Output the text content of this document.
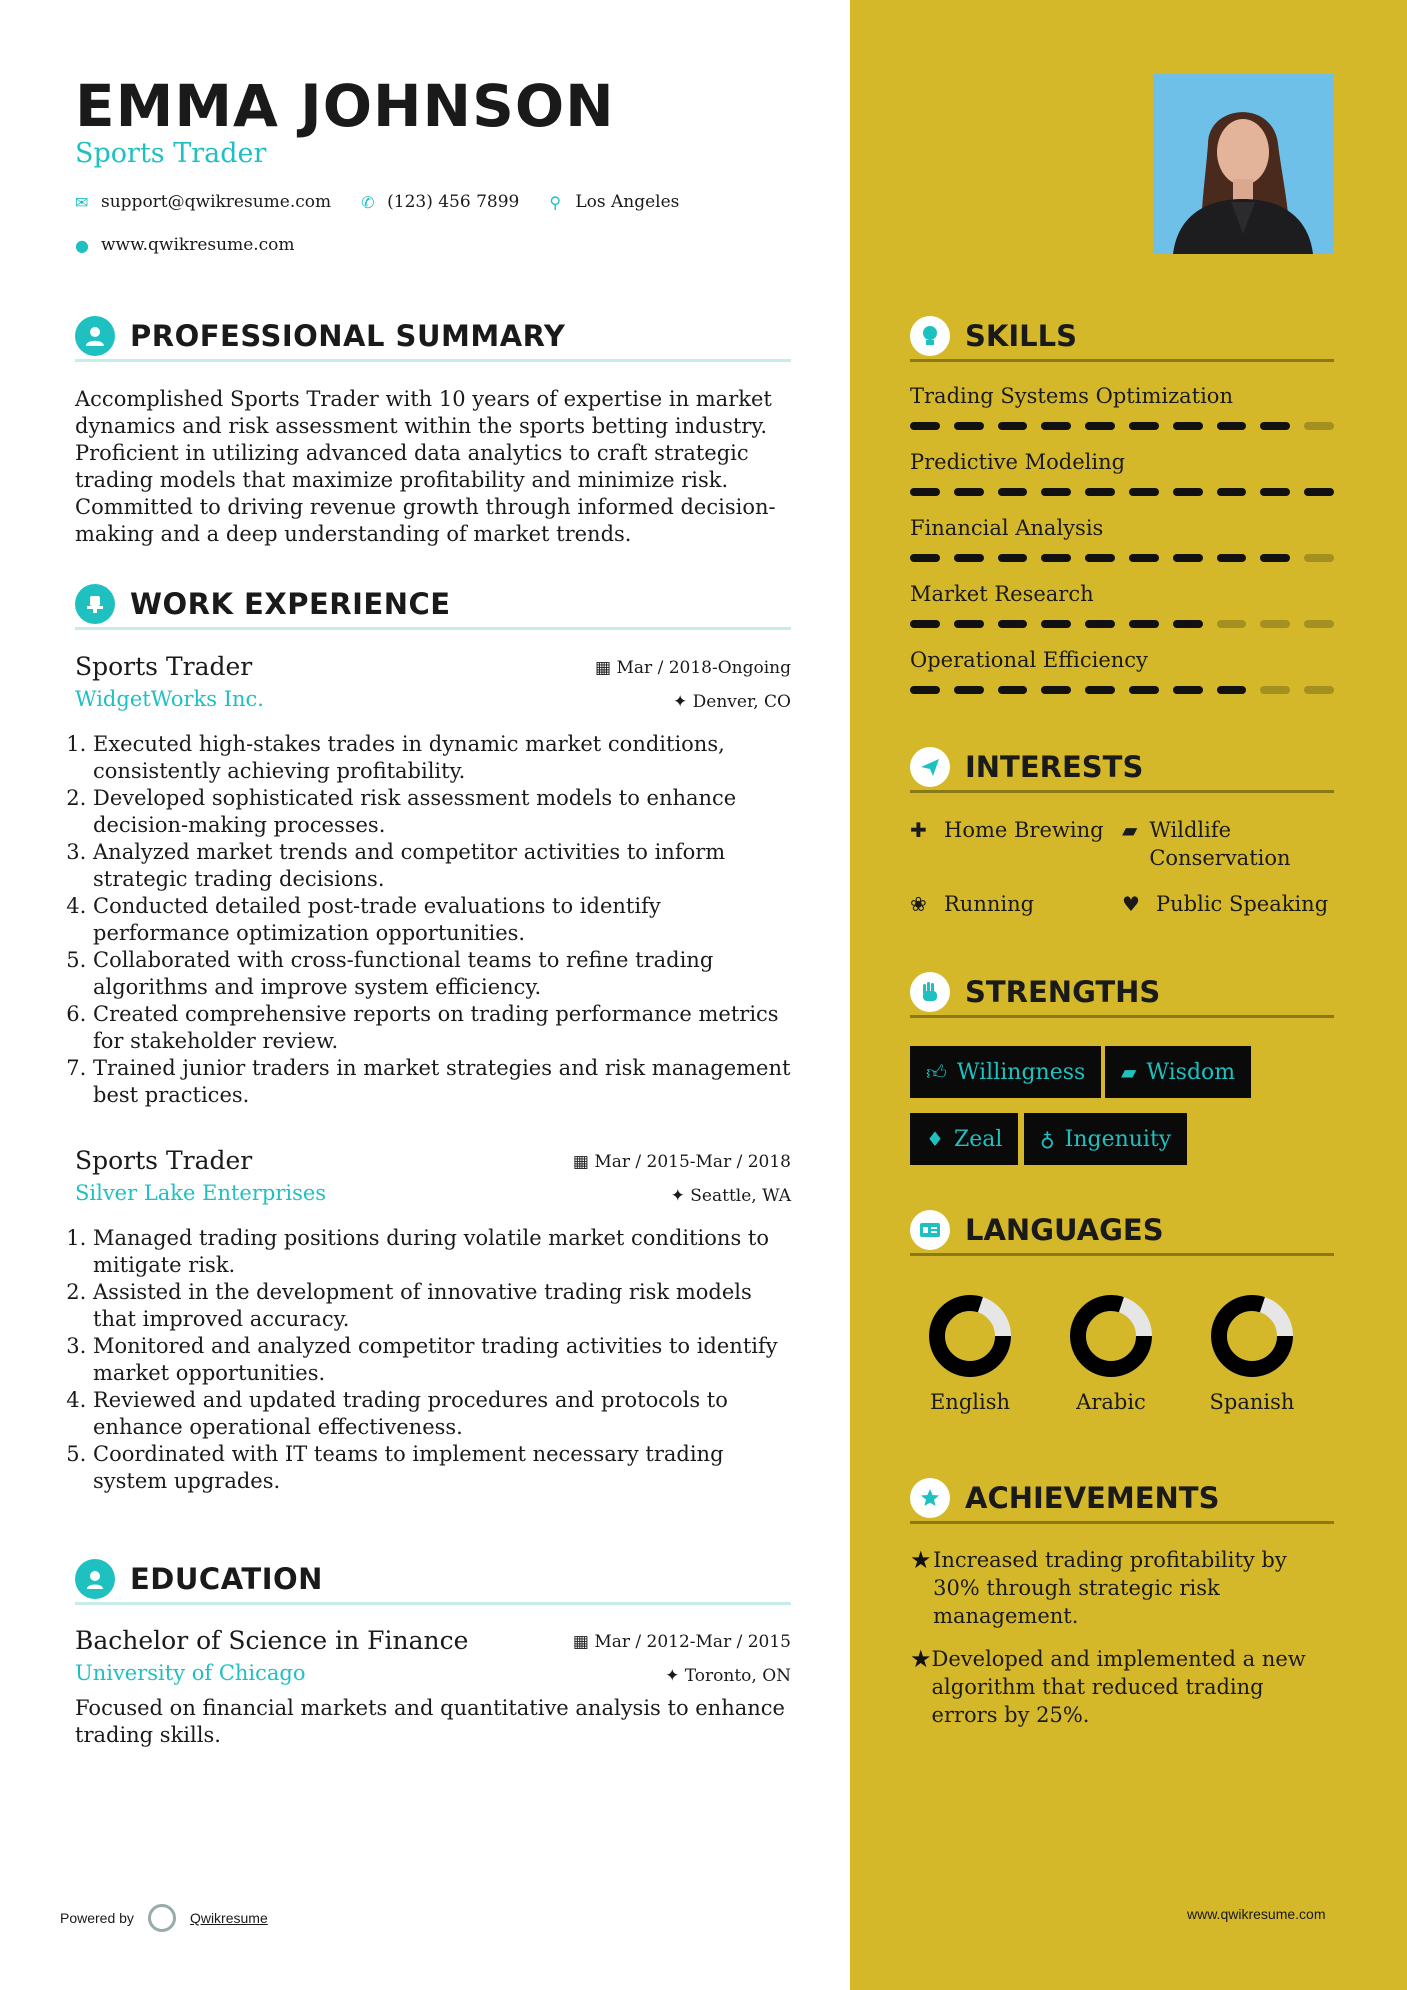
EMMA JOHNSON
Sports Trader
✉ support@qwikresume.com ✆ (123) 456 7899 ⚲ Los Angeles
● www.qwikresume.com
PROFESSIONAL SUMMARY
Accomplished Sports Trader with 10 years of expertise in market dynamics and risk assessment within the sports betting industry. Proficient in utilizing advanced data analytics to craft strategic trading models that maximize profitability and minimize risk. Committed to driving revenue growth through informed decision-making and a deep understanding of market trends.
WORK EXPERIENCE
Sports Trader
WidgetWorks Inc.
▦ Mar / 2018-Ongoing
✦ Denver, CO
1. Executed high-stakes trades in dynamic market conditions, consistently achieving profitability.
2. Developed sophisticated risk assessment models to enhance decision-making processes.
3. Analyzed market trends and competitor activities to inform strategic trading decisions.
4. Conducted detailed post-trade evaluations to identify performance optimization opportunities.
5. Collaborated with cross-functional teams to refine trading algorithms and improve system efficiency.
6. Created comprehensive reports on trading performance metrics for stakeholder review.
7. Trained junior traders in market strategies and risk management best practices.
Sports Trader
Silver Lake Enterprises
▦ Mar / 2015-Mar / 2018
✦ Seattle, WA
1. Managed trading positions during volatile market conditions to mitigate risk.
2. Assisted in the development of innovative trading risk models that improved accuracy.
3. Monitored and analyzed competitor trading activities to identify market opportunities.
4. Reviewed and updated trading procedures and protocols to enhance operational effectiveness.
5. Coordinated with IT teams to implement necessary trading system upgrades.
EDUCATION
Bachelor of Science in Finance
University of Chicago
▦ Mar / 2012-Mar / 2015
✦ Toronto, ON
Focused on financial markets and quantitative analysis to enhance trading skills.
SKILLS
Trading Systems Optimization
Predictive Modeling
Financial Analysis
Market Research
Operational Efficiency
INTERESTS
✚ Home Brewing ▰ Wildlife Conservation
❀ Running	♥ Public Speaking
STRENGTHS
👍︎ Willingness ▰ Wisdom
♦ Zeal ♁ Ingenuity
LANGUAGES
English	Arabic	Spanish
ACHIEVEMENTS
★ Increased trading profitability by 30% through strategic risk management.
★ Developed and implemented a new algorithm that reduced trading errors by 25%.
Powered by	Qwikresume	www.qwikresume.com
